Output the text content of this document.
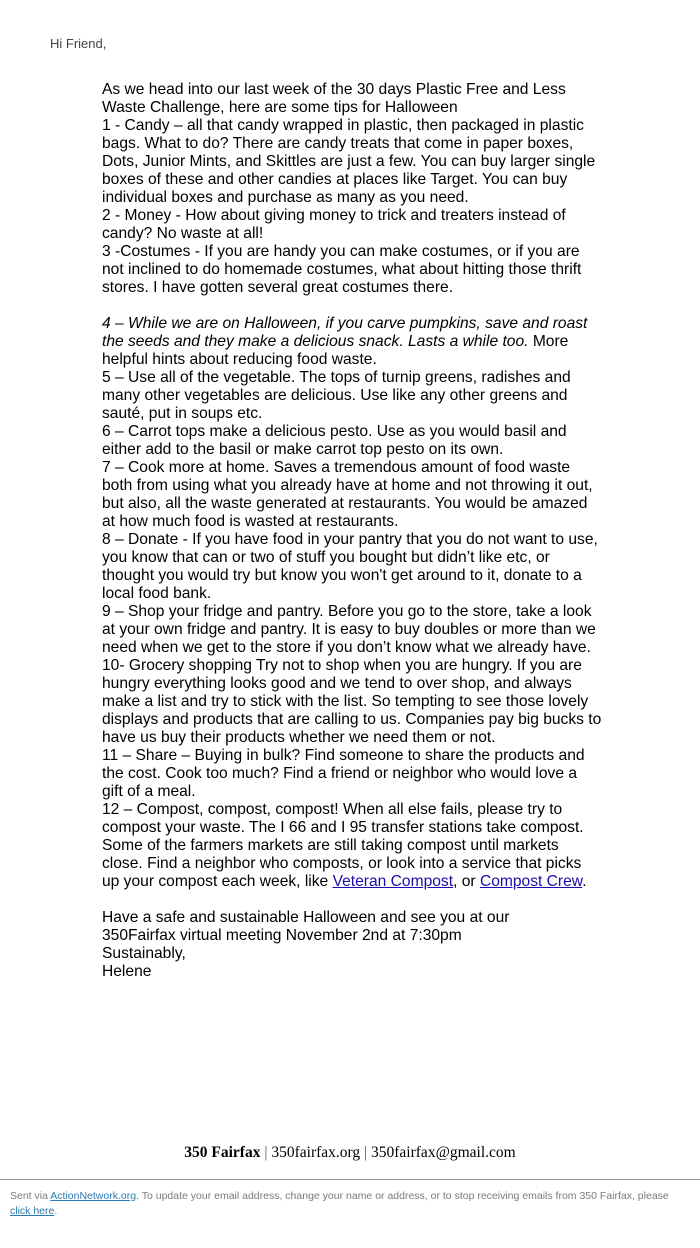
Hi Friend,

As we head into our last week of the 30 days Plastic Free and Less Waste Challenge, here are some tips for Halloween

1 - Candy – all that candy wrapped in plastic, then packaged in plastic bags. What to do? There are candy treats that come in paper boxes, Dots, Junior Mints, and Skittles are just a few. You can buy larger single boxes of these and other candies at places like Target. You can buy individual boxes and purchase as many as you need.

2 - Money - How about giving money to trick and treaters instead of candy? No waste at all!

3 -Costumes - If you are handy you can make costumes, or if you are not inclined to do homemade costumes, what about hitting those thrift stores. I have gotten several great costumes there.

4 – While we are on Halloween, if you carve pumpkins, save and roast the seeds and they make a delicious snack. Lasts a while too. More helpful hints about reducing food waste.

5 – Use all of the vegetable. The tops of turnip greens, radishes and many other vegetables are delicious. Use like any other greens and sauté, put in soups etc.

6 – Carrot tops make a delicious pesto. Use as you would basil and either add to the basil or make carrot top pesto on its own.

7 – Cook more at home. Saves a tremendous amount of food waste both from using what you already have at home and not throwing it out, but also, all the waste generated at restaurants. You would be amazed at how much food is wasted at restaurants.

8 – Donate - If you have food in your pantry that you do not want to use, you know that can or two of stuff you bought but didn’t like etc, or thought you would try but know you won't get around to it, donate to a local food bank.

9 – Shop your fridge and pantry. Before you go to the store, take a look at your own fridge and pantry. It is easy to buy doubles or more than we need when we get to the store if you don’t know what we already have.

10- Grocery shopping Try not to shop when you are hungry. If you are hungry everything looks good and we tend to over shop, and always make a list and try to stick with the list. So tempting to see those lovely displays and products that are calling to us. Companies pay big bucks to have us buy their products whether we need them or not.

11 – Share – Buying in bulk? Find someone to share the products and the cost. Cook too much? Find a friend or neighbor who would love a gift of a meal.

12 – Compost, compost, compost! When all else fails, please try to compost your waste. The I 66 and I 95 transfer stations take compost. Some of the farmers markets are still taking compost until markets close. Find a neighbor who composts, or look into a service that picks up your compost each week, like Veteran Compost, or Compost Crew.

Have a safe and sustainable Halloween and see you at our

350Fairfax virtual meeting November 2nd at 7:30pm

Sustainably,

Helene

350 Fairfax | 350fairfax.org | 350fairfax@gmail.com
Sent via ActionNetwork.org. To update your email address, change your name or address, or to stop receiving emails from 350 Fairfax, please click here.
